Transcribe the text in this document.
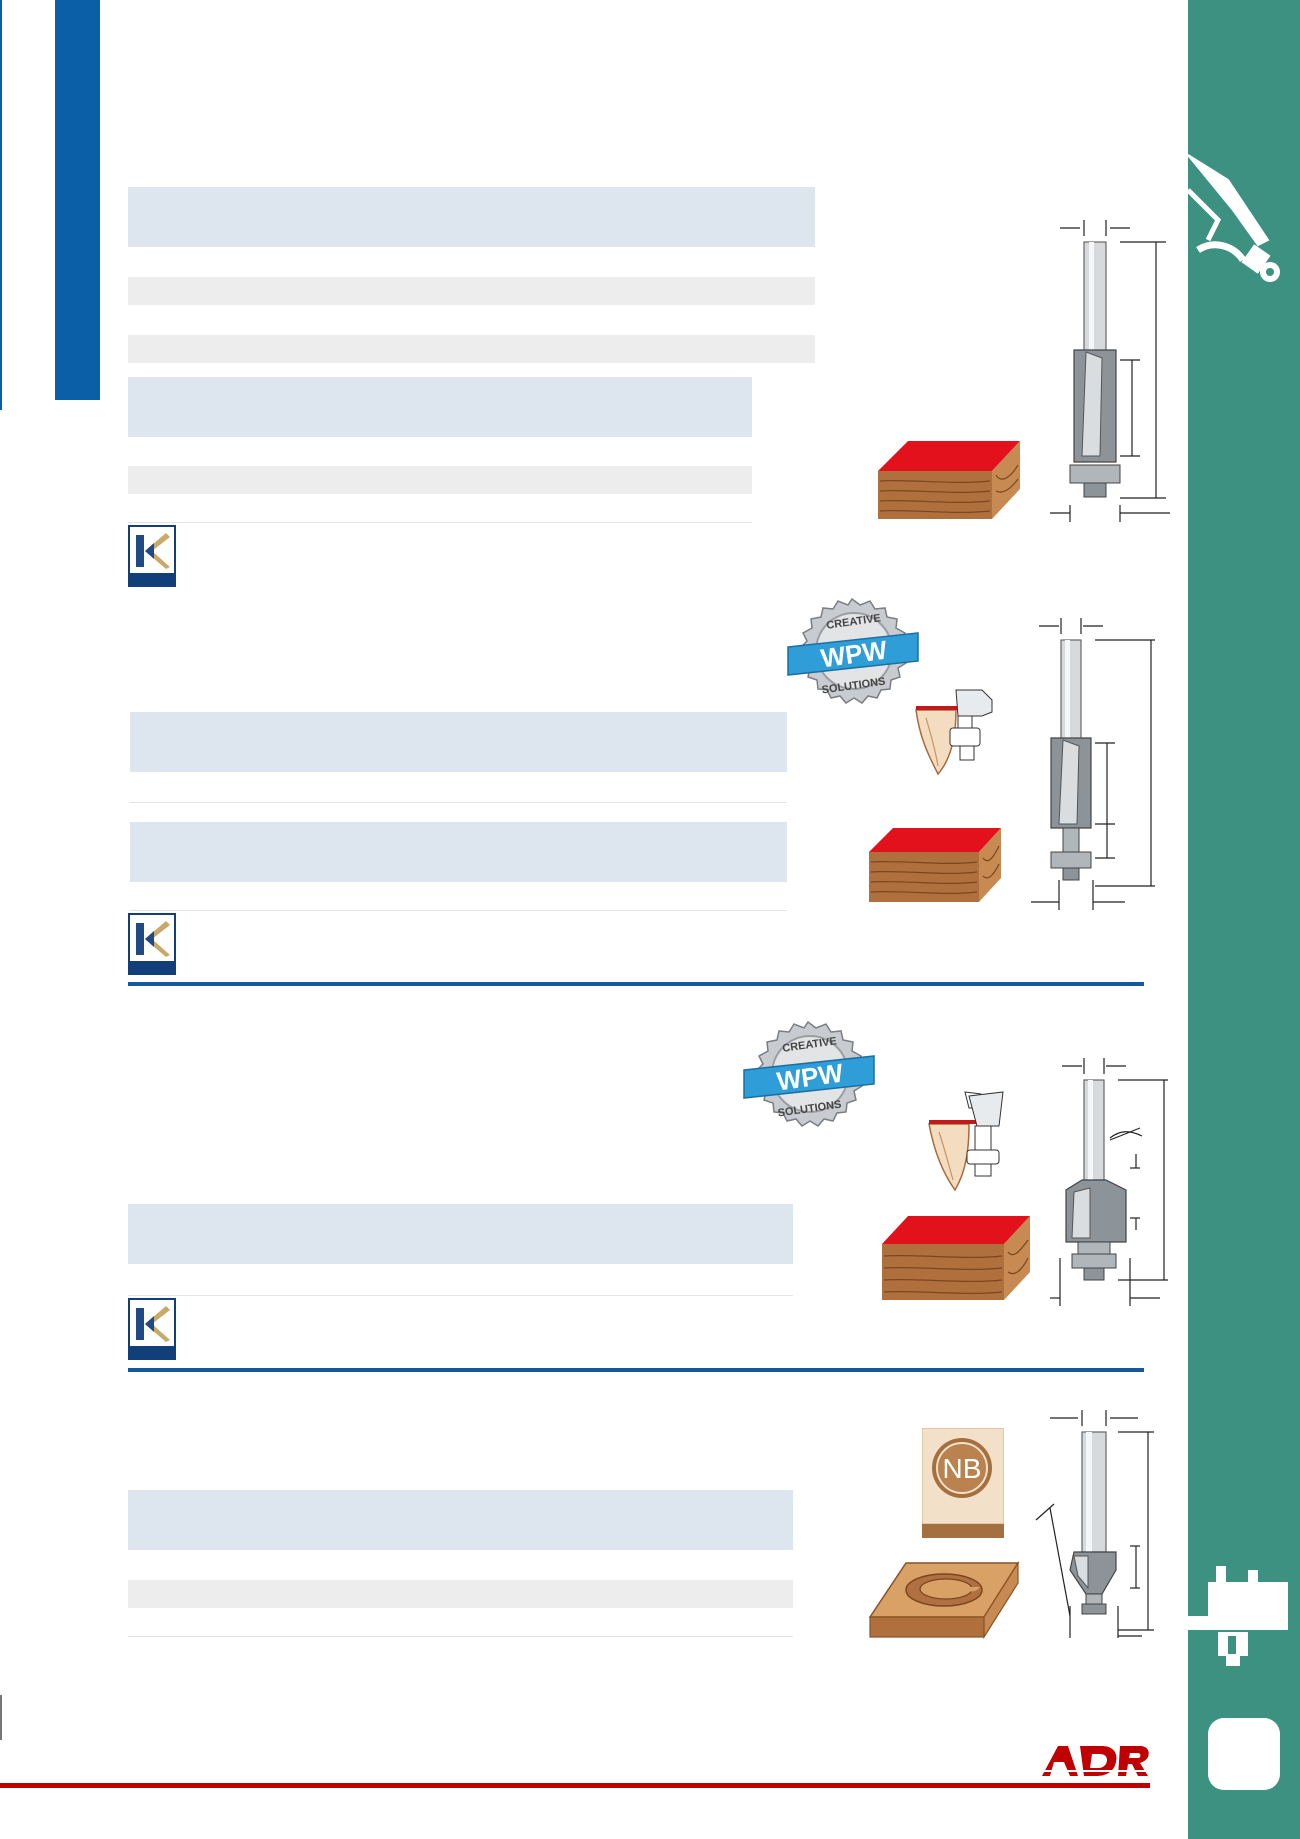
WPW
CREATIVE
SOLUTIONS
WPW
CREATIVE
SOLUTIONS
NB
